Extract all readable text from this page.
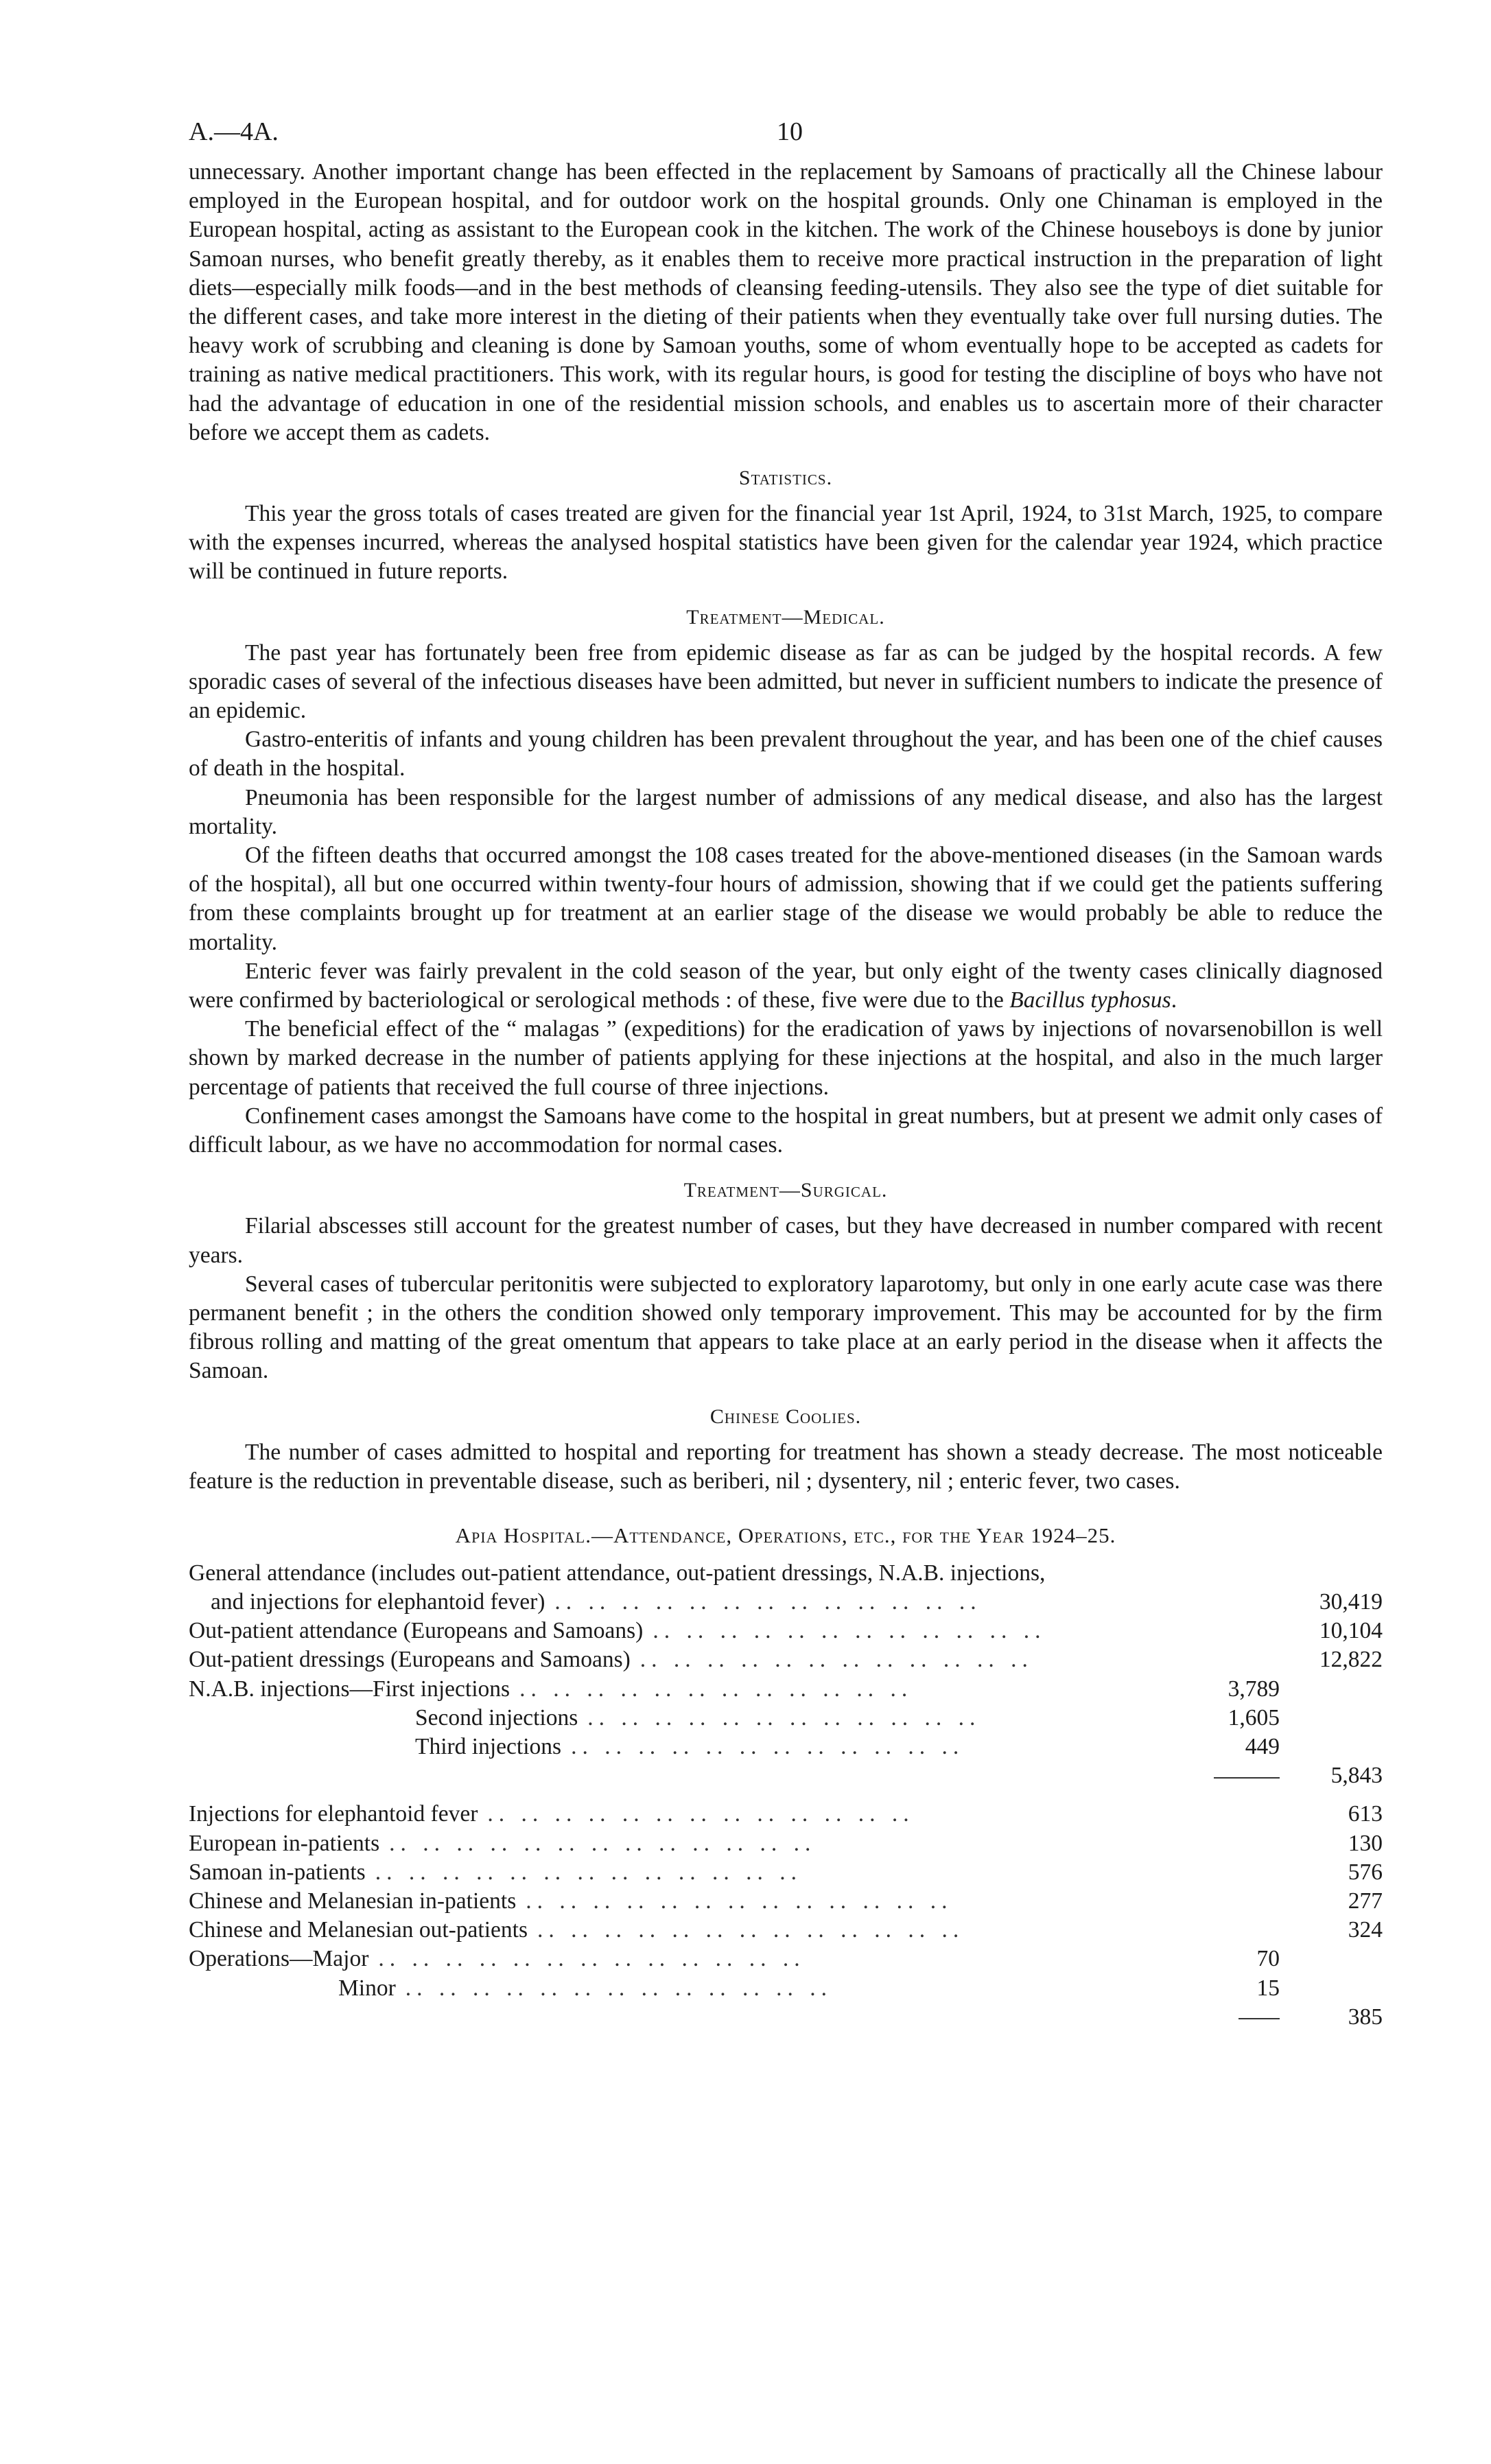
A.—4A.	10

unnecessary. Another important change has been effected in the replacement by Samoans of practically all the Chinese labour employed in the European hospital, and for outdoor work on the hospital grounds. Only one Chinaman is employed in the European hospital, acting as assistant to the European cook in the kitchen. The work of the Chinese houseboys is done by junior Samoan nurses, who benefit greatly thereby, as it enables them to receive more practical instruction in the preparation of light diets—especially milk foods—and in the best methods of cleansing feeding-utensils. They also see the type of diet suitable for the different cases, and take more interest in the dieting of their patients when they eventually take over full nursing duties. The heavy work of scrubbing and cleaning is done by Samoan youths, some of whom eventually hope to be accepted as cadets for training as native medical practitioners. This work, with its regular hours, is good for testing the discipline of boys who have not had the advantage of education in one of the residential mission schools, and enables us to ascertain more of their character before we accept them as cadets.

Statistics.

This year the gross totals of cases treated are given for the financial year 1st April, 1924, to 31st March, 1925, to compare with the expenses incurred, whereas the analysed hospital statistics have been given for the calendar year 1924, which practice will be continued in future reports.

Treatment—Medical.

The past year has fortunately been free from epidemic disease as far as can be judged by the hospital records. A few sporadic cases of several of the infectious diseases have been admitted, but never in sufficient numbers to indicate the presence of an epidemic.

Gastro-enteritis of infants and young children has been prevalent throughout the year, and has been one of the chief causes of death in the hospital.

Pneumonia has been responsible for the largest number of admissions of any medical disease, and also has the largest mortality.

Of the fifteen deaths that occurred amongst the 108 cases treated for the above-mentioned diseases (in the Samoan wards of the hospital), all but one occurred within twenty-four hours of admission, showing that if we could get the patients suffering from these complaints brought up for treatment at an earlier stage of the disease we would probably be able to reduce the mortality.

Enteric fever was fairly prevalent in the cold season of the year, but only eight of the twenty cases clinically diagnosed were confirmed by bacteriological or serological methods : of these, five were due to the Bacillus typhosus.

The beneficial effect of the “ malagas ” (expeditions) for the eradication of yaws by injections of novarsenobillon is well shown by marked decrease in the number of patients applying for these injections at the hospital, and also in the much larger percentage of patients that received the full course of three injections.

Confinement cases amongst the Samoans have come to the hospital in great numbers, but at present we admit only cases of difficult labour, as we have no accommodation for normal cases.

Treatment—Surgical.

Filarial abscesses still account for the greatest number of cases, but they have decreased in number compared with recent years.

Several cases of tubercular peritonitis were subjected to exploratory laparotomy, but only in one early acute case was there permanent benefit ; in the others the condition showed only temporary improvement. This may be accounted for by the firm fibrous rolling and matting of the great omentum that appears to take place at an early period in the disease when it affects the Samoan.

Chinese Coolies.

The number of cases admitted to hospital and reporting for treatment has shown a steady decrease. The most noticeable feature is the reduction in preventable disease, such as beriberi, nil ; dysentery, nil ; enteric fever, two cases.

Apia Hospital.—Attendance, Operations, etc., for the Year 1924–25.
General attendance (includes out-patient attendance, out-patient dressings, N.A.B. injections,
and injections for elephantoid fever) .. .. .. .. .. .. .. .. .. .. .. .. ..	30,419
Out-patient attendance (Europeans and Samoans) .. .. .. .. .. .. .. .. .. .. .. ..	10,104
Out-patient dressings (Europeans and Samoans) .. .. .. .. .. .. .. .. .. .. .. ..	12,822
N.A.B. injections—First injections .. .. .. .. .. .. .. .. .. .. .. ..	3,789
Second injections .. .. .. .. .. .. .. .. .. .. .. ..	1,605
Third injections .. .. .. .. .. .. .. .. .. .. .. ..	449
5,843
Injections for elephantoid fever .. .. .. .. .. .. .. .. .. .. .. .. ..	613
European in-patients .. .. .. .. .. .. .. .. .. .. .. .. ..	130
Samoan in-patients .. .. .. .. .. .. .. .. .. .. .. .. ..	576
Chinese and Melanesian in-patients .. .. .. .. .. .. .. .. .. .. .. .. ..	277
Chinese and Melanesian out-patients .. .. .. .. .. .. .. .. .. .. .. .. ..	324
Operations—Major .. .. .. .. .. .. .. .. .. .. .. .. ..	70
Minor .. .. .. .. .. .. .. .. .. .. .. .. ..	15
385
